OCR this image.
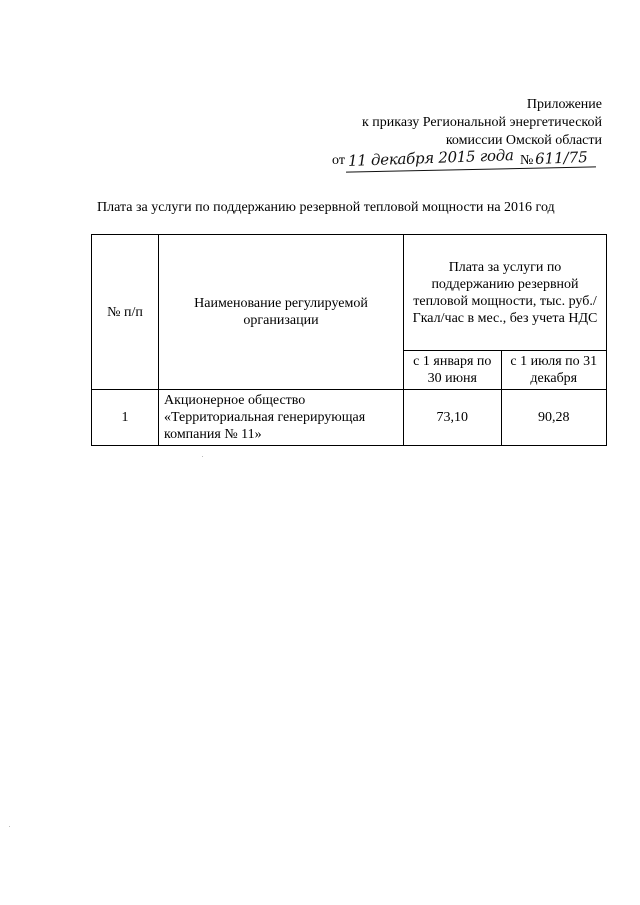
Приложение
к приказу Региональной энергетической
комиссии Омской области
от 11 декабря 2015 года № 611/75
Плата за услуги по поддержанию резервной тепловой мощности на 2016 год
№ п/п	Наименование регулируемой организации	Плата за услуги по поддержанию резервной тепловой мощности, тыс. руб./Гкал/час в мес., без учета НДС	
		с 1 января по 30 июня	с 1 июля по 31 декабря
1	Акционерное общество «Территориальная генерирующая компания № 11»	73,10	90,28
